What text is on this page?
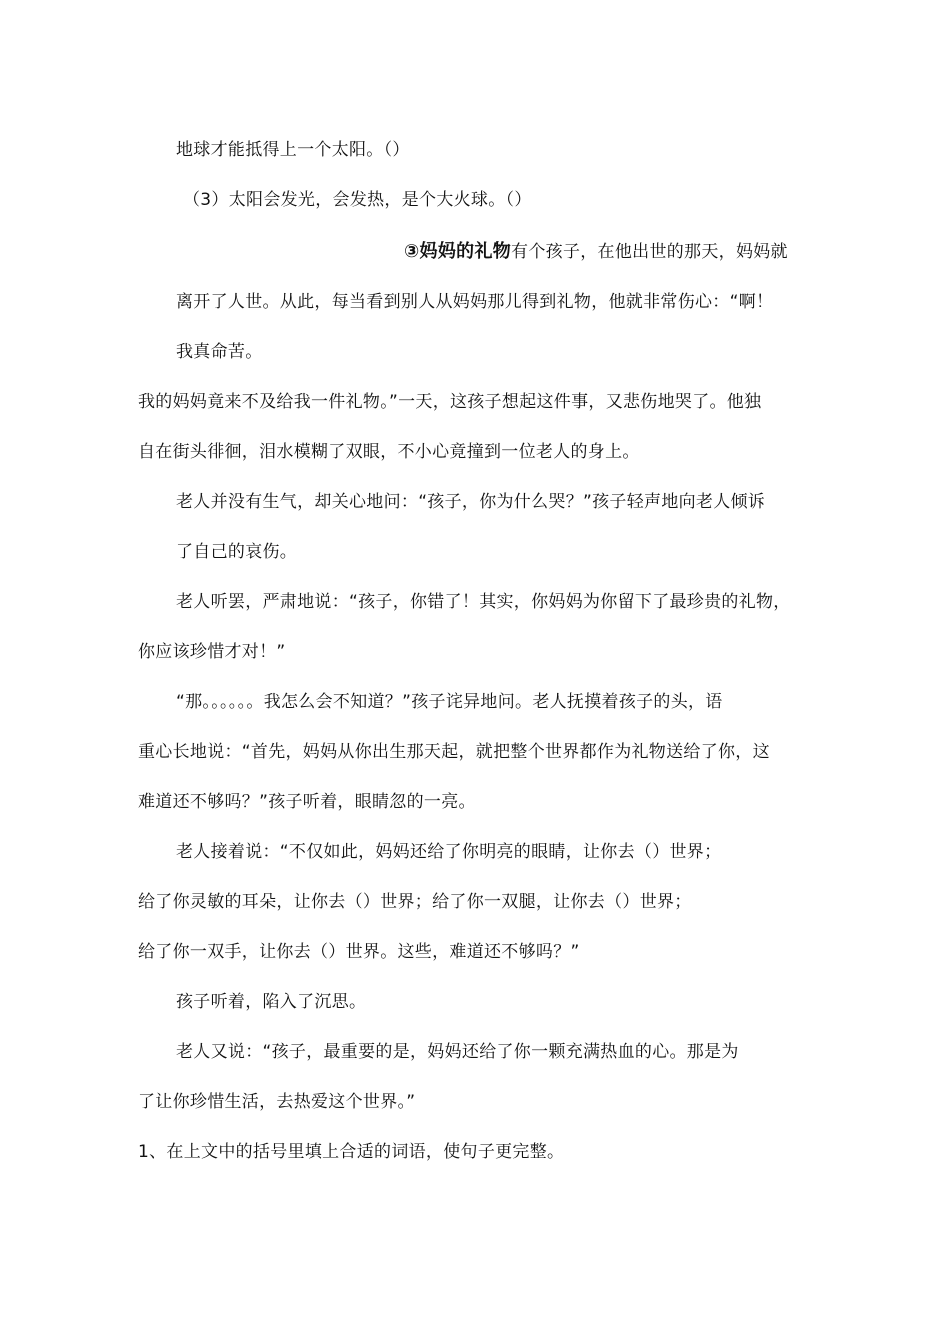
地球才能抵得上一个太阳。（）
（3）太阳会发光，会发热，是个大火球。（）
③妈妈的礼物有个孩子，在他出世的那天，妈妈就
离开了人世。从此，每当看到别人从妈妈那儿得到礼物，他就非常伤心：“啊！
我真命苦。
我的妈妈竟来不及给我一件礼物。”一天，这孩子想起这件事，又悲伤地哭了。他独
自在街头徘徊，泪水模糊了双眼，不小心竟撞到一位老人的身上。
老人并没有生气，却关心地问：“孩子，你为什么哭？”孩子轻声地向老人倾诉
了自己的哀伤。
老人听罢，严肃地说：“孩子，你错了！其实，你妈妈为你留下了最珍贵的礼物，
你应该珍惜才对！”
“那。。。。。。我怎么会不知道？”孩子诧异地问。老人抚摸着孩子的头，语
重心长地说：“首先，妈妈从你出生那天起，就把整个世界都作为礼物送给了你，这
难道还不够吗？”孩子听着，眼睛忽的一亮。
老人接着说：“不仅如此，妈妈还给了你明亮的眼睛，让你去（）世界；
给了你灵敏的耳朵，让你去（）世界；给了你一双腿，让你去（）世界；
给了你一双手，让你去（）世界。这些，难道还不够吗？”
孩子听着，陷入了沉思。
老人又说：“孩子，最重要的是，妈妈还给了你一颗充满热血的心。那是为
了让你珍惜生活，去热爱这个世界。”
1、在上文中的括号里填上合适的词语，使句子更完整。
